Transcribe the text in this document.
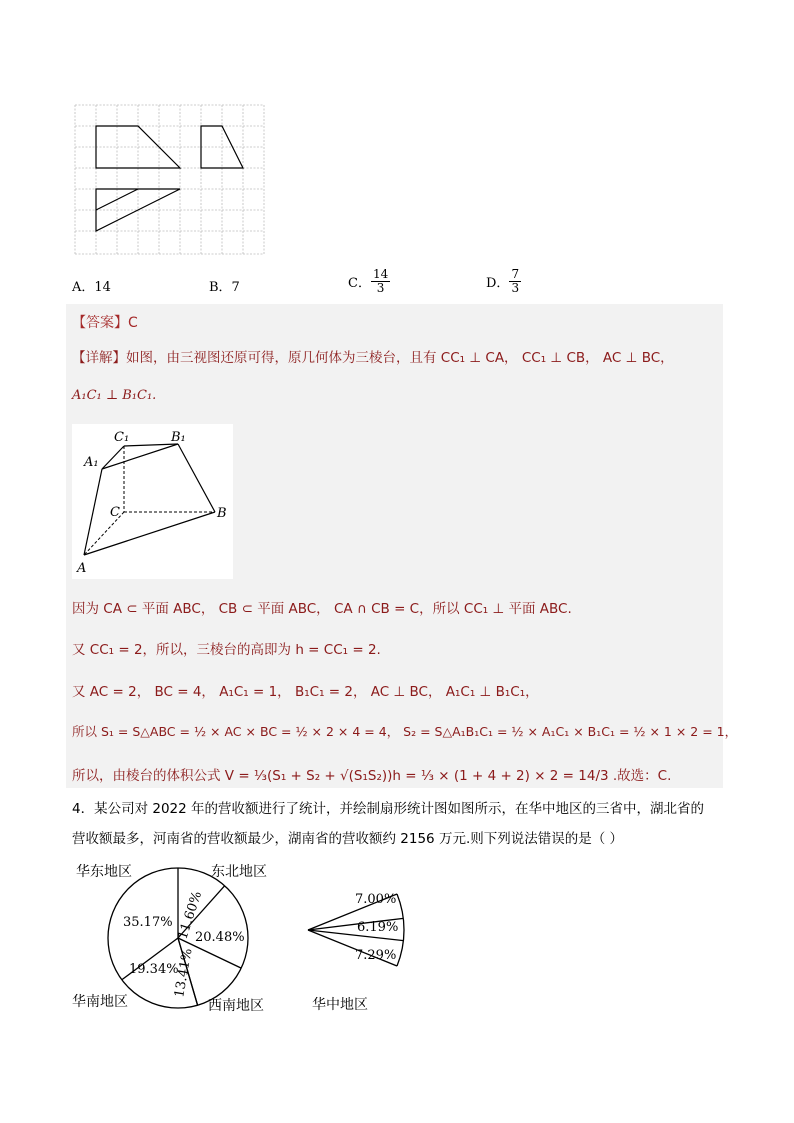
A．14	B．7	C． $\frac{14}{3}$	D． $\frac{7}{3}$
【答案】C
【详解】如图，由三视图还原可得，原几何体为三棱台，且有 CC₁ ⊥ CA， CC₁ ⊥ CB， AC ⊥ BC，
A₁C₁ ⊥ B₁C₁.
C₁	B₁
A₁
C	B
A
因为 CA ⊂ 平面 ABC， CB ⊂ 平面 ABC， CA ∩ CB = C，所以 CC₁ ⊥ 平面 ABC.
又 CC₁ = 2，所以，三棱台的高即为 h = CC₁ = 2.
又 AC = 2， BC = 4， A₁C₁ = 1， B₁C₁ = 2， AC ⊥ BC， A₁C₁ ⊥ B₁C₁，
所以 S₁ = S△ABC = ½ × AC × BC = ½ × 2 × 4 = 4， S₂ = S△A₁B₁C₁ = ½ × A₁C₁ × B₁C₁ = ½ × 1 × 2 = 1，
所以，由棱台的体积公式 V = ⅓(S₁ + S₂ + √(S₁S₂))h = ⅓ × (1 + 4 + 2) × 2 = 14/3 .故选：C.
4．某公司对 2022 年的营收额进行了统计，并绘制扇形统计图如图所示，在华中地区的三省中，湖北省的
营收额最多，河南省的营收额最少，湖南省的营收额约 2156 万元.则下列说法错误的是（ ）
华东地区	东北地区
华南地区	西南地区
35.17% 11.60%
20.48%
13.41%
19.34%
7.00%
6.19%
7.29%
华中地区
